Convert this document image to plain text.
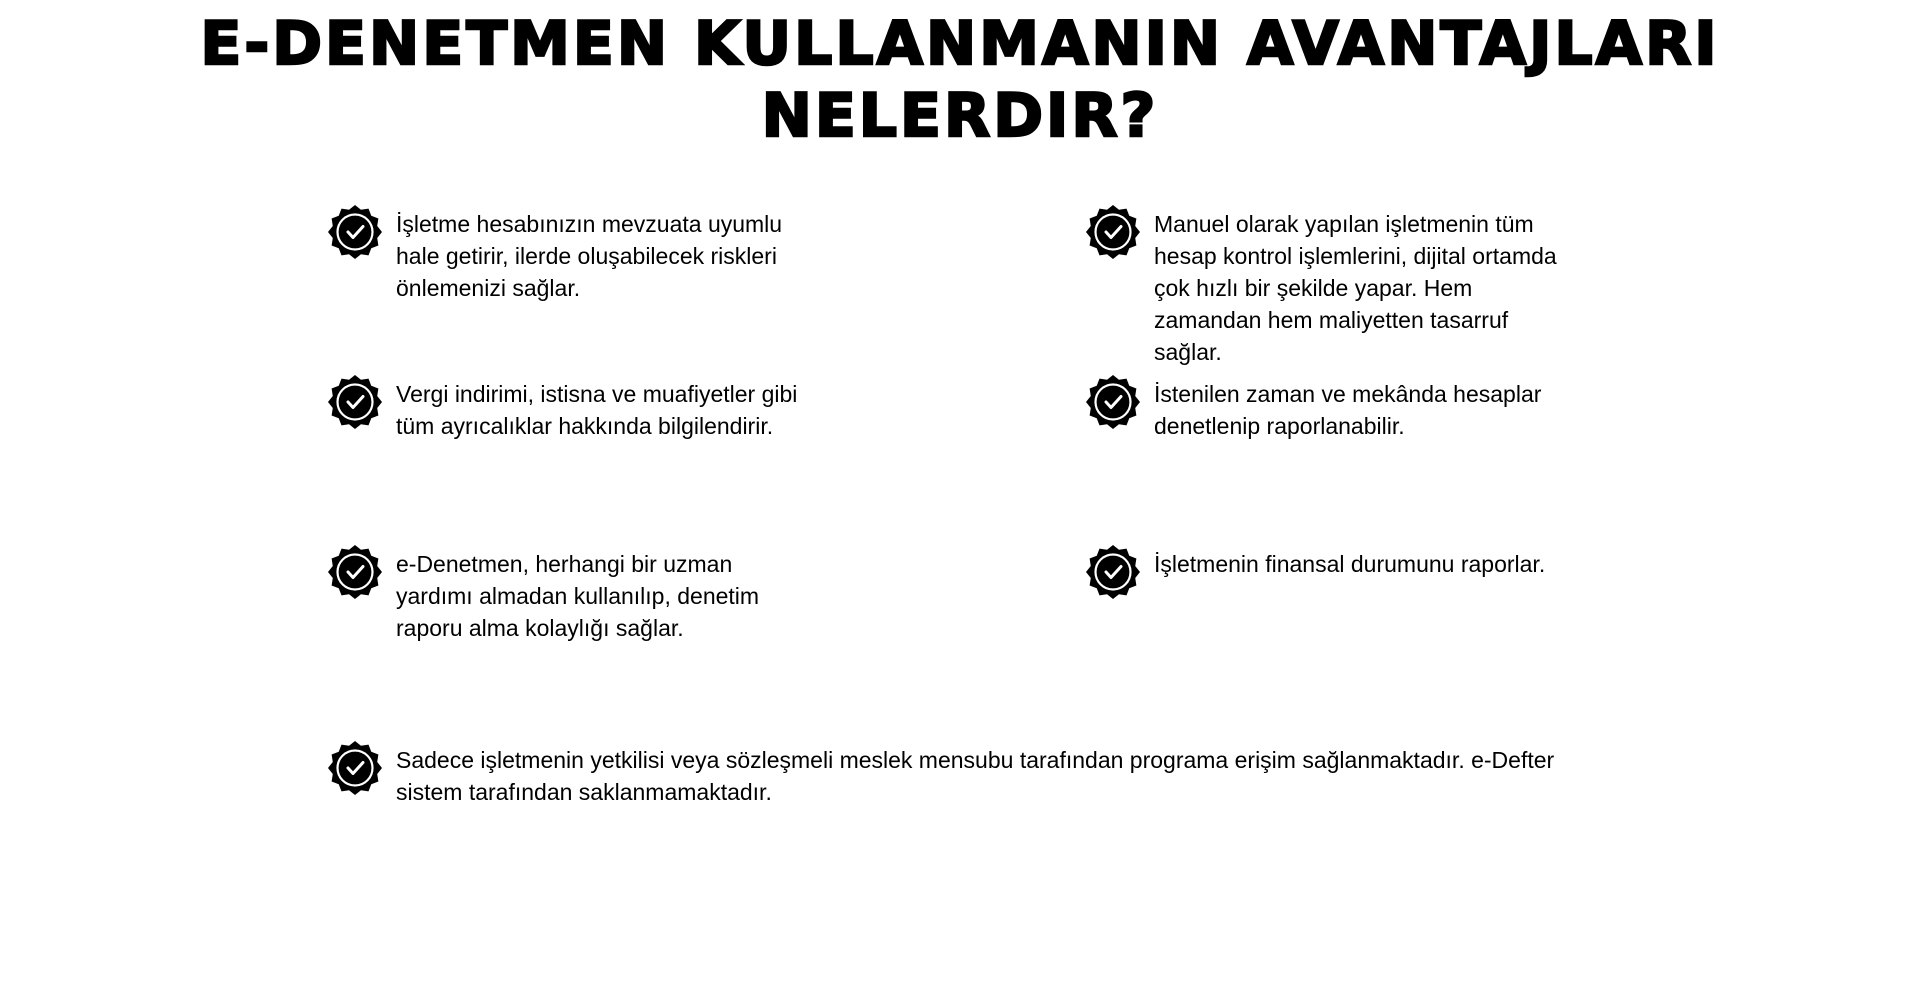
E-DENETMEN KULLANMANIN AVANTAJLARI NELERDIR?

İşletme hesabınızın mevzuata uyumlu hale getirir, ilerde oluşabilecek riskleri önlemenizi sağlar.

Manuel olarak yapılan işletmenin tüm hesap kontrol işlemlerini, dijital ortamda çok hızlı bir şekilde yapar. Hem zamandan hem maliyetten tasarruf sağlar.

Vergi indirimi, istisna ve muafiyetler gibi tüm ayrıcalıklar hakkında bilgilendirir.

İstenilen zaman ve mekânda hesaplar denetlenip raporlanabilir.

e-Denetmen, herhangi bir uzman yardımı almadan kullanılıp, denetim raporu alma kolaylığı sağlar.

İşletmenin finansal durumunu raporlar.

Sadece işletmenin yetkilisi veya sözleşmeli meslek mensubu tarafından programa erişim sağlanmaktadır. e-Defter sistem tarafından saklanmamaktadır.
